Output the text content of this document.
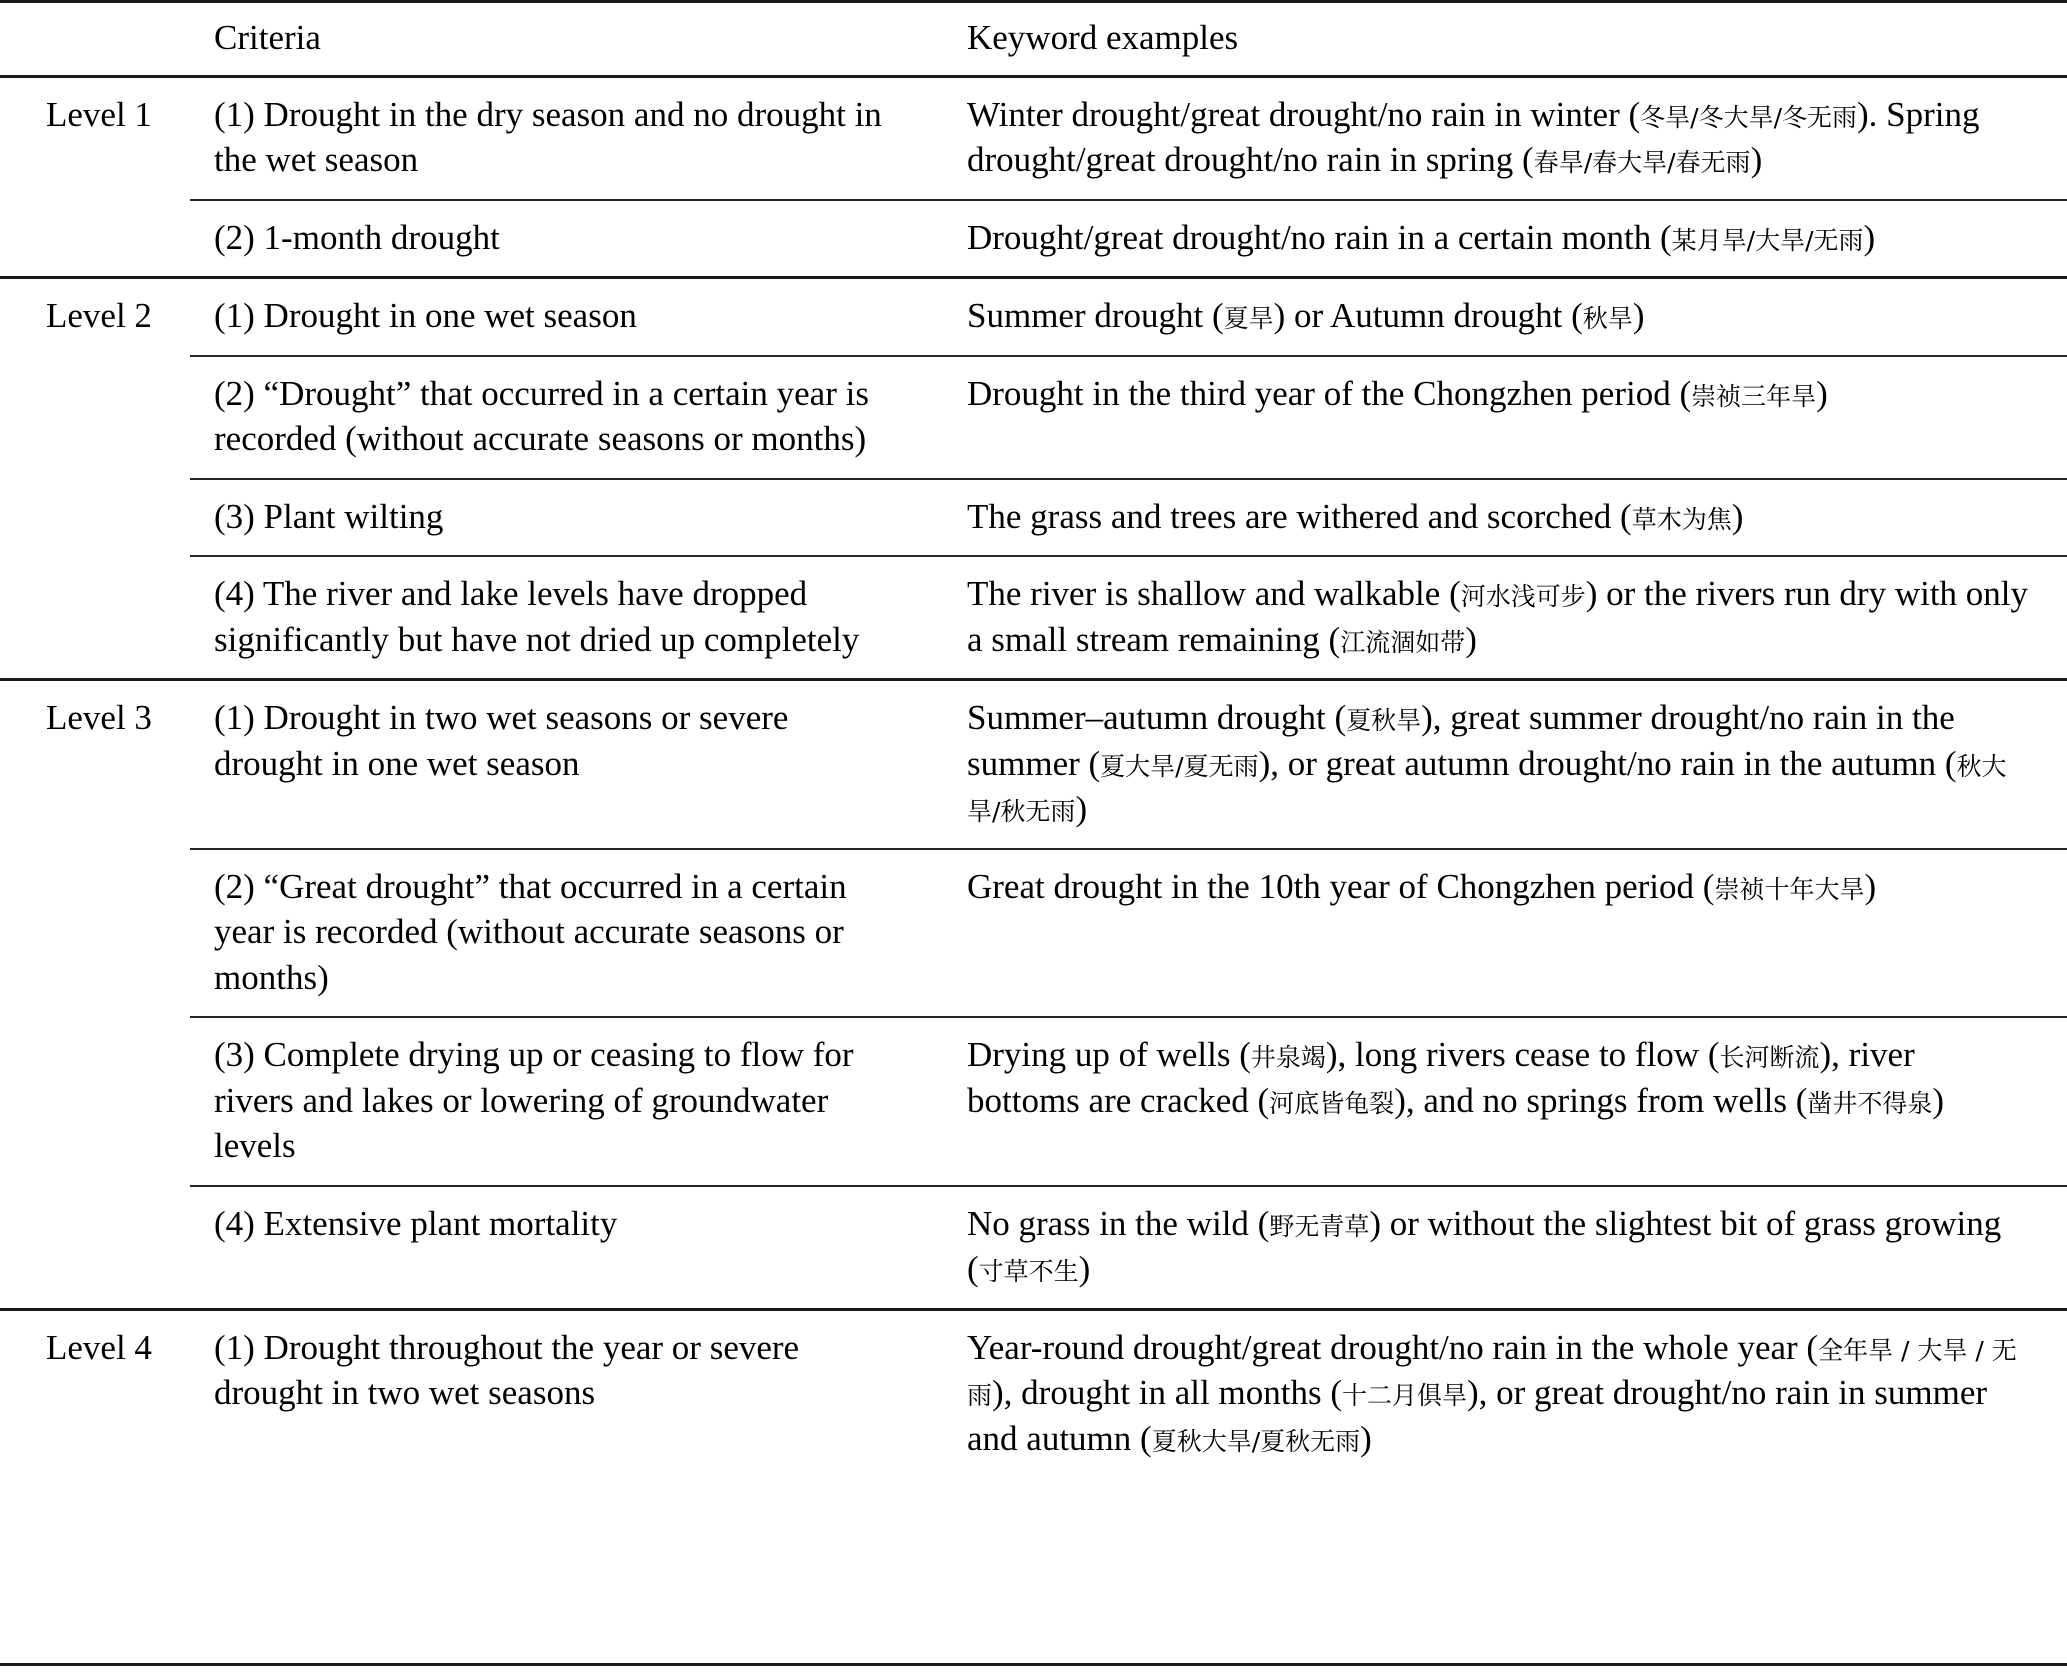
	Criteria	Keyword examples
Level 1	(1) Drought in the dry season and no drought in the wet season	Winter drought/great drought/no rain in winter (冬旱/冬大旱/冬无雨). Spring drought/great drought/no rain in spring (春旱/春大旱/春无雨)
	(2) 1-month drought	Drought/great drought/no rain in a certain month (某月旱/大旱/无雨)
Level 2	(1) Drought in one wet season	Summer drought (夏旱) or Autumn drought (秋旱)
	(2) “Drought” that occurred in a certain year is recorded (without accurate seasons or months)	Drought in the third year of the Chongzhen period (崇祯三年旱)
	(3) Plant wilting	The grass and trees are withered and scorched (草木为焦)
	(4) The river and lake levels have dropped significantly but have not dried up completely	The river is shallow and walkable (河水浅可步) or the rivers run dry with only a small stream remaining (江流涸如带)
Level 3	(1) Drought in two wet seasons or severe drought in one wet season	Summer–autumn drought (夏秋旱), great summer drought/no rain in the summer (夏大旱/夏无雨), or great autumn drought/no rain in the autumn (秋大旱/秋无雨)
	(2) “Great drought” that occurred in a certain year is recorded (without accurate seasons or months)	Great drought in the 10th year of Chongzhen period (崇祯十年大旱)
	(3) Complete drying up or ceasing to flow for rivers and lakes or lowering of groundwater levels	Drying up of wells (井泉竭), long rivers cease to flow (长河断流), river bottoms are cracked (河底皆龟裂), and no springs from wells (凿井不得泉)
	(4) Extensive plant mortality	No grass in the wild (野无青草) or without the slightest bit of grass growing (寸草不生)
Level 4	(1) Drought throughout the year or severe drought in two wet seasons	Year-round drought/great drought/no rain in the whole year (全年旱 / 大旱 / 无雨), drought in all months (十二月俱旱), or great drought/no rain in summer and autumn (夏秋大旱/夏秋无雨)
